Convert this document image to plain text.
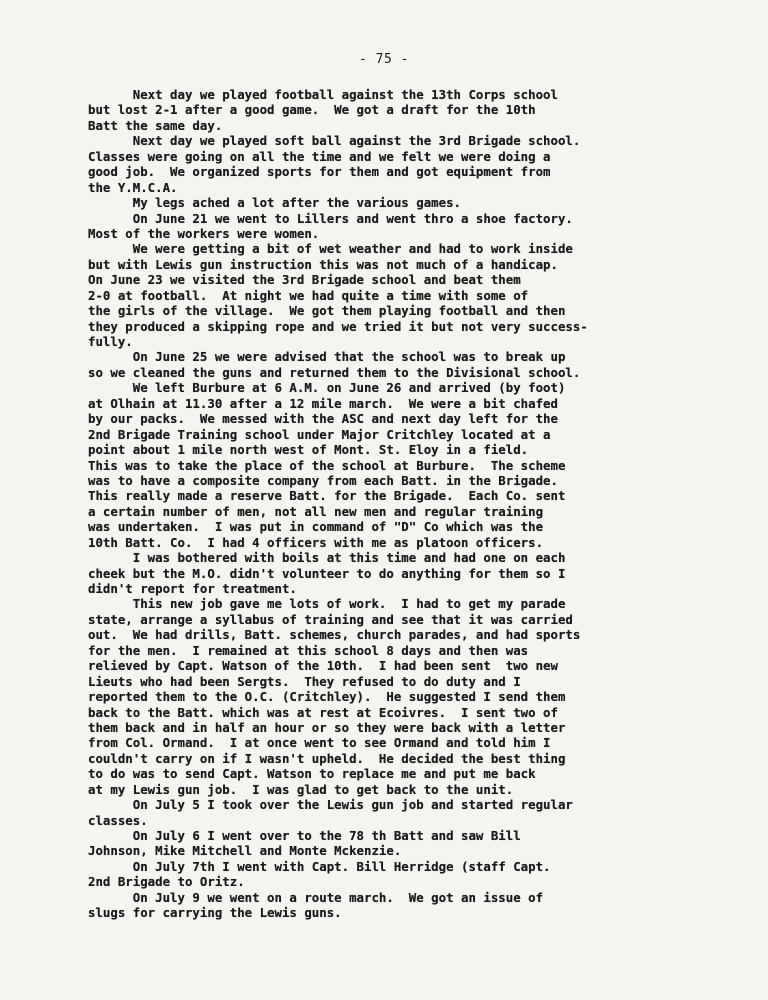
- 75 -
Next day we played football against the 13th Corps school
but lost 2-1 after a good game.  We got a draft for the 10th
Batt the same day.
Next day we played soft ball against the 3rd Brigade school.
Classes were going on all the time and we felt we were doing a
good job.  We organized sports for them and got equipment from
the Y.M.C.A.
My legs ached a lot after the various games.
On June 21 we went to Lillers and went thro a shoe factory.
Most of the workers were women.
We were getting a bit of wet weather and had to work inside
but with Lewis gun instruction this was not much of a handicap.
On June 23 we visited the 3rd Brigade school and beat them
2-0 at football.  At night we had quite a time with some of
the girls of the village.  We got them playing football and then
they produced a skipping rope and we tried it but not very success-
fully.
On June 25 we were advised that the school was to break up
so we cleaned the guns and returned them to the Divisional school.
We left Burbure at 6 A.M. on June 26 and arrived (by foot)
at Olhain at 11.30 after a 12 mile march.  We were a bit chafed
by our packs.  We messed with the ASC and next day left for the
2nd Brigade Training school under Major Critchley located at a
point about 1 mile north west of Mont. St. Eloy in a field.
This was to take the place of the school at Burbure.  The scheme
was to have a composite company from each Batt. in the Brigade.
This really made a reserve Batt. for the Brigade.  Each Co. sent
a certain number of men, not all new men and regular training
was undertaken.  I was put in command of "D" Co which was the
10th Batt. Co.  I had 4 officers with me as platoon officers.
I was bothered with boils at this time and had one on each
cheek but the M.O. didn't volunteer to do anything for them so I
didn't report for treatment.
This new job gave me lots of work.  I had to get my parade
state, arrange a syllabus of training and see that it was carried
out.  We had drills, Batt. schemes, church parades, and had sports
for the men.  I remained at this school 8 days and then was
relieved by Capt. Watson of the 10th.  I had been sent  two new
Lieuts who had been Sergts.  They refused to do duty and I
reported them to the O.C. (Critchley).  He suggested I send them
back to the Batt. which was at rest at Ecoivres.  I sent two of
them back and in half an hour or so they were back with a letter
from Col. Ormand.  I at once went to see Ormand and told him I
couldn't carry on if I wasn't upheld.  He decided the best thing
to do was to send Capt. Watson to replace me and put me back
at my Lewis gun job.  I was glad to get back to the unit.
On July 5 I took over the Lewis gun job and started regular
classes.
On July 6 I went over to the 78 th Batt and saw Bill
Johnson, Mike Mitchell and Monte Mckenzie.
On July 7th I went with Capt. Bill Herridge (staff Capt.
2nd Brigade to Oritz.
On July 9 we went on a route march.  We got an issue of
slugs for carrying the Lewis guns.
